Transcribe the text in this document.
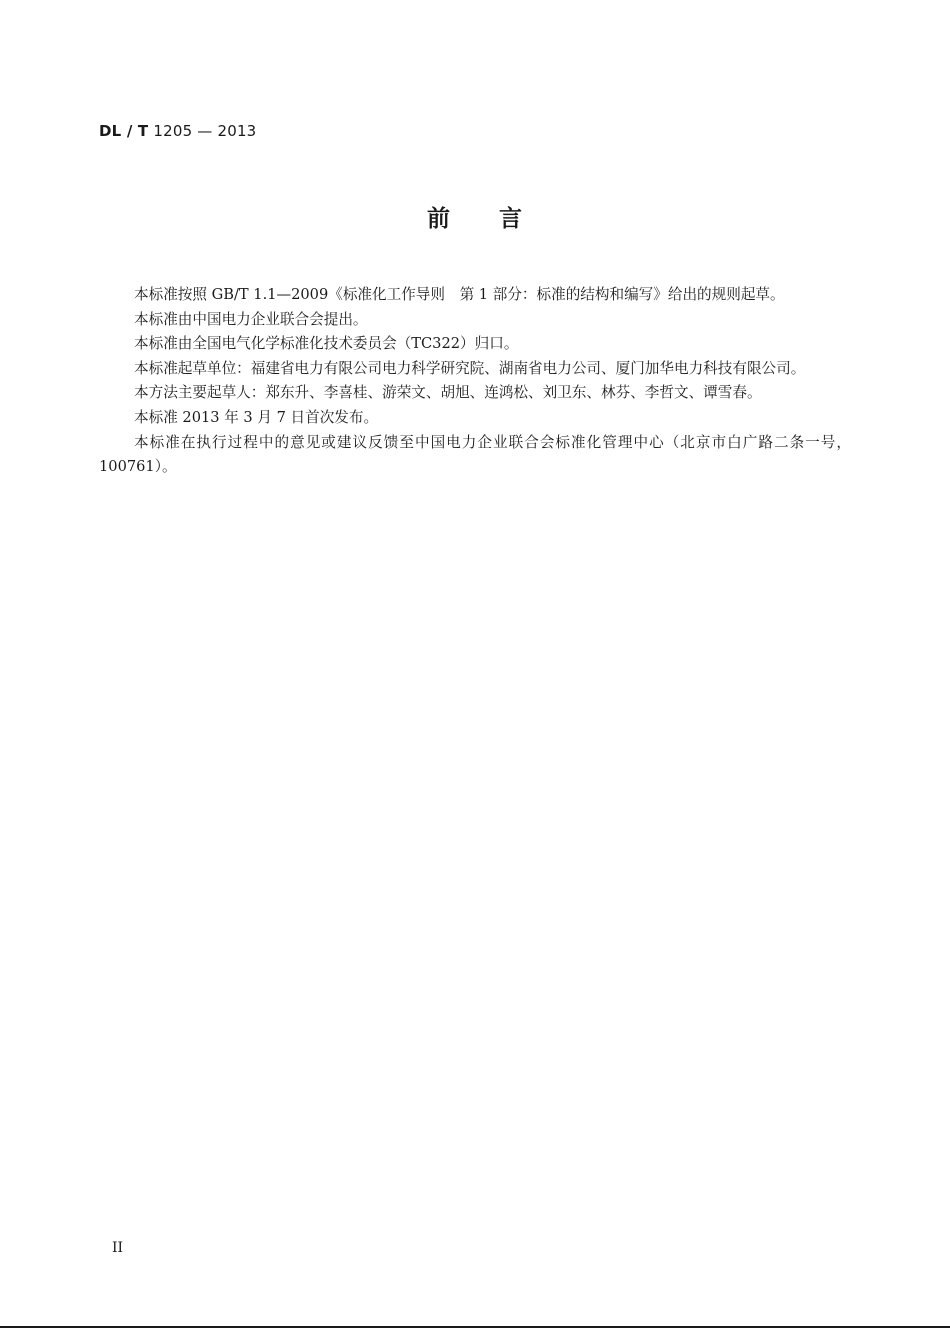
DL / T 1205 — 2013
前　　言

本标准按照 GB/T 1.1—2009《标准化工作导则　第 1 部分：标准的结构和编写》给出的规则起草。

本标准由中国电力企业联合会提出。

本标准由全国电气化学标准化技术委员会（TC322）归口。

本标准起草单位：福建省电力有限公司电力科学研究院、湖南省电力公司、厦门加华电力科技有限公司。

本方法主要起草人：郑东升、李喜桂、游荣文、胡旭、连鸿松、刘卫东、林芬、李哲文、谭雪春。

本标准 2013 年 3 月 7 日首次发布。

本标准在执行过程中的意见或建议反馈至中国电力企业联合会标准化管理中心（北京市白广路二条一号，100761）。

II
